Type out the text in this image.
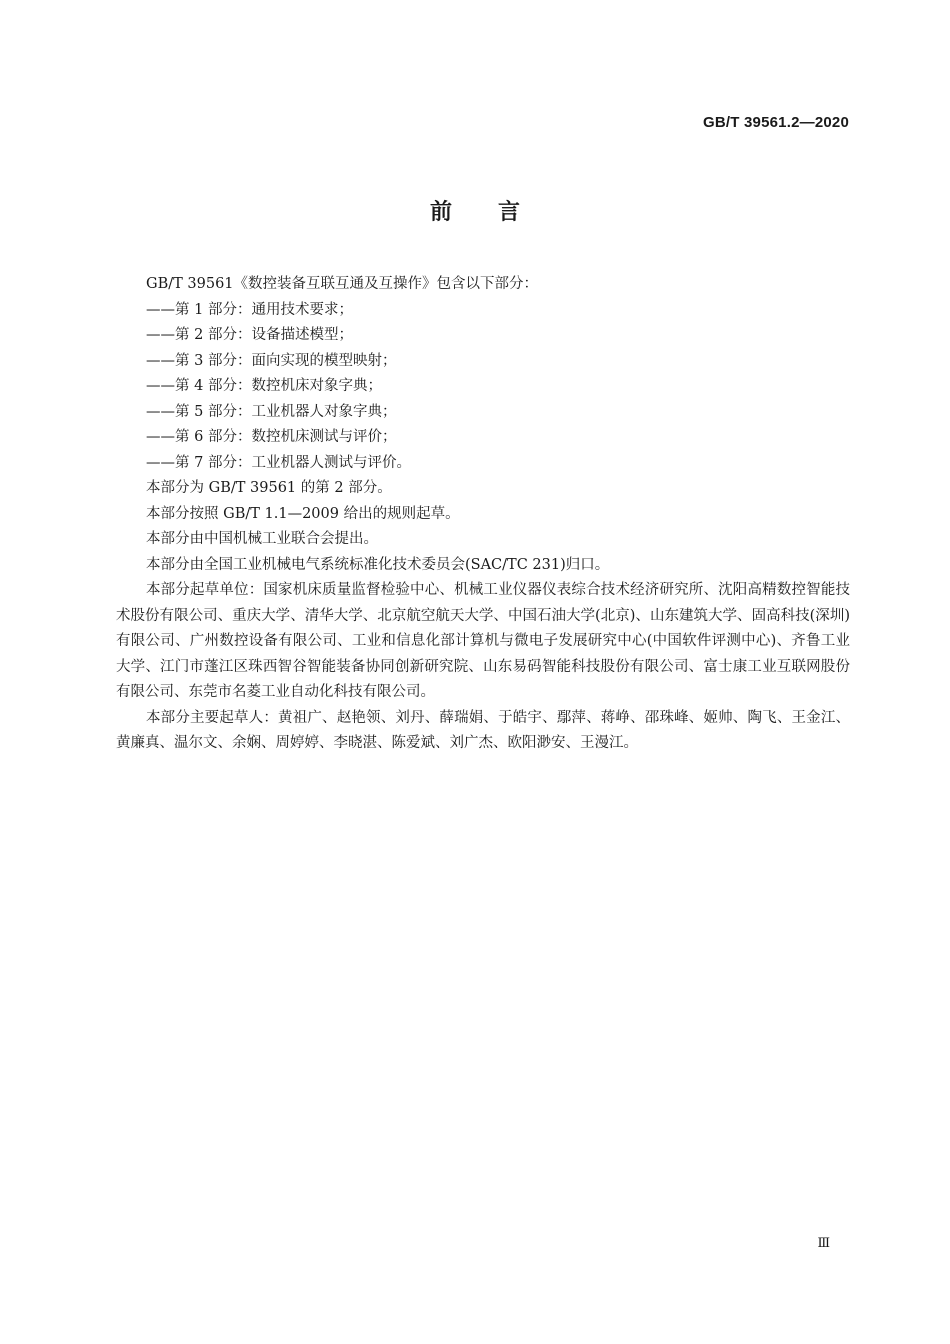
GB/T 39561.2—2020
前言

GB/T 39561《数控装备互联互通及互操作》包含以下部分：

——第 1 部分：通用技术要求；

——第 2 部分：设备描述模型；

——第 3 部分：面向实现的模型映射；

——第 4 部分：数控机床对象字典；

——第 5 部分：工业机器人对象字典；

——第 6 部分：数控机床测试与评价；

——第 7 部分：工业机器人测试与评价。

本部分为 GB/T 39561 的第 2 部分。

本部分按照 GB/T 1.1—2009 给出的规则起草。

本部分由中国机械工业联合会提出。

本部分由全国工业机械电气系统标准化技术委员会(SAC/TC 231)归口。

本部分起草单位：国家机床质量监督检验中心、机械工业仪器仪表综合技术经济研究所、沈阳高精数控智能技术股份有限公司、重庆大学、清华大学、北京航空航天大学、中国石油大学(北京)、山东建筑大学、固高科技(深圳)有限公司、广州数控设备有限公司、工业和信息化部计算机与微电子发展研究中心(中国软件评测中心)、齐鲁工业大学、江门市蓬江区珠西智谷智能装备协同创新研究院、山东易码智能科技股份有限公司、富士康工业互联网股份有限公司、东莞市名菱工业自动化科技有限公司。

本部分主要起草人：黄祖广、赵艳领、刘丹、薛瑞娟、于皓宇、鄢萍、蒋峥、邵珠峰、姬帅、陶飞、王金江、黄廉真、温尔文、余娴、周婷婷、李晓湛、陈爱斌、刘广杰、欧阳渺安、王漫江。

Ⅲ
